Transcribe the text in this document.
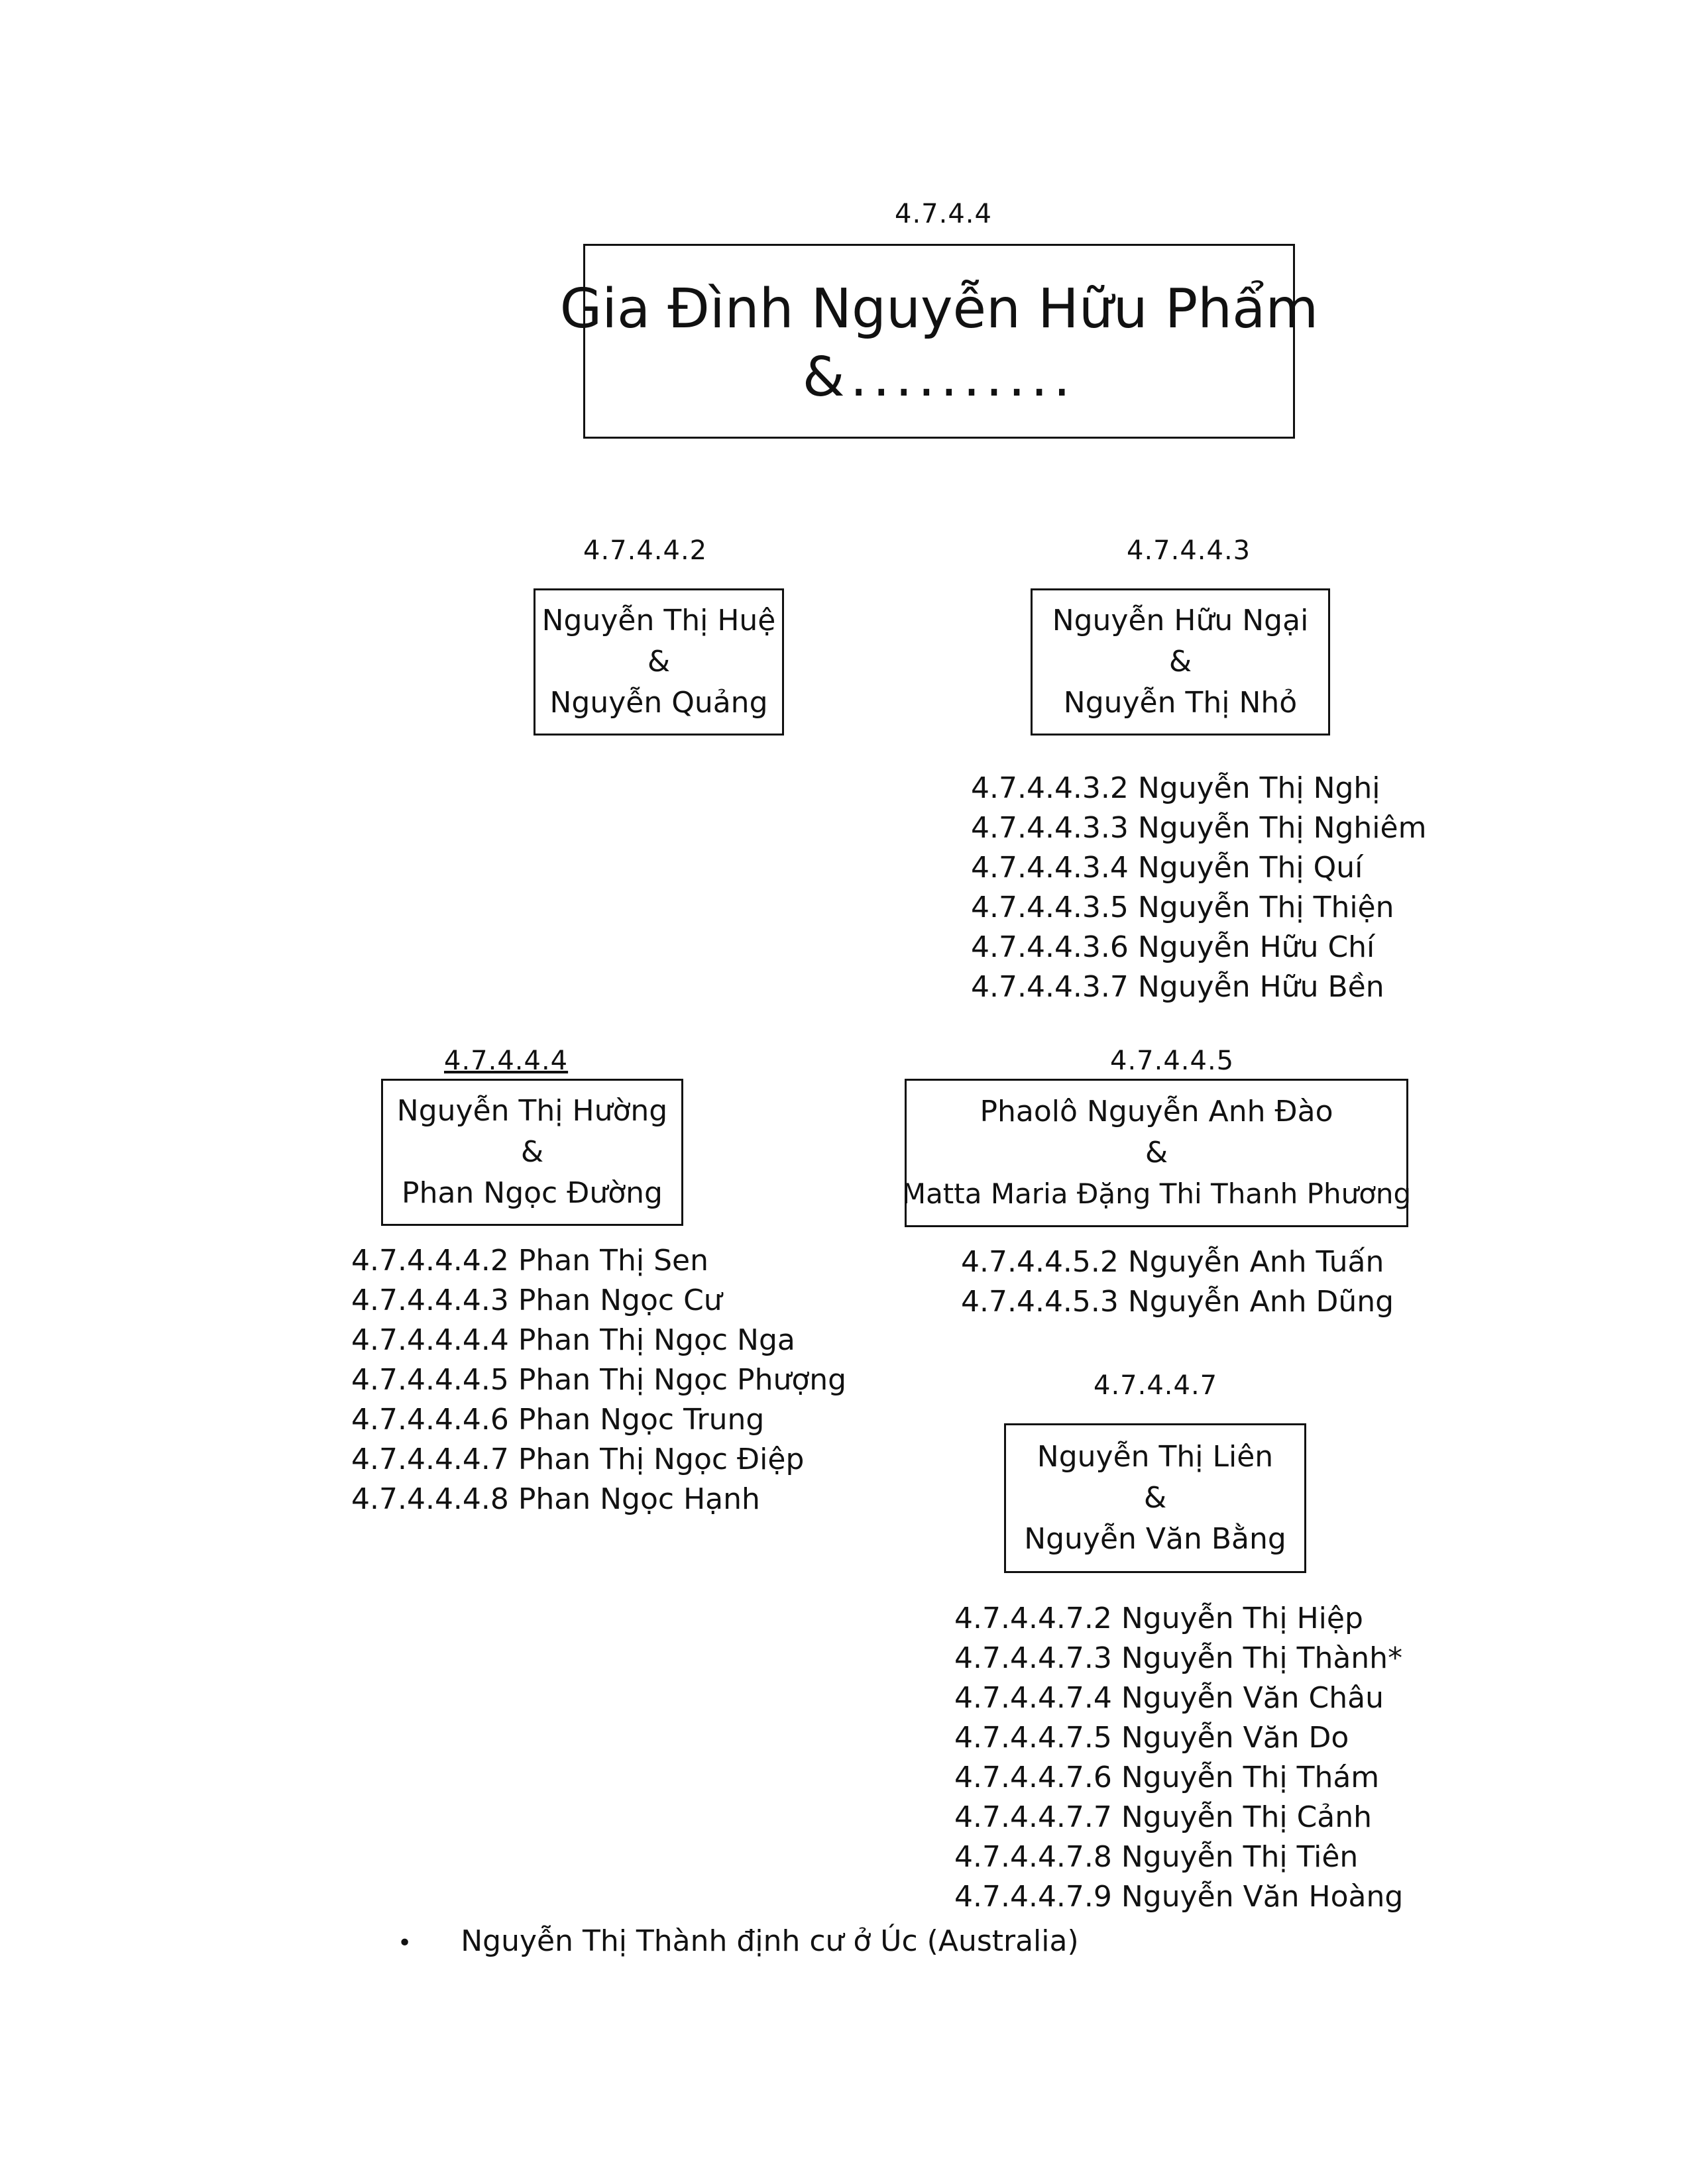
4.7.4.4
Gia Đình Nguyễn Hữu Phẩm
&..........
4.7.4.4.2
Nguyễn Thị Huệ
&
Nguyễn Quảng
4.7.4.4.3
Nguyễn Hữu Ngại
&
Nguyễn Thị Nhỏ
4.7.4.4.3.2 Nguyễn Thị Nghị
4.7.4.4.3.3 Nguyễn Thị Nghiêm
4.7.4.4.3.4 Nguyễn Thị Quí
4.7.4.4.3.5 Nguyễn Thị Thiện
4.7.4.4.3.6 Nguyễn Hữu Chí
4.7.4.4.3.7 Nguyễn Hữu Bền
4.7.4.4.4
Nguyễn Thị Hường
&
Phan Ngọc Đường
4.7.4.4.4.2 Phan Thị Sen
4.7.4.4.4.3 Phan Ngọc Cư
4.7.4.4.4.4 Phan Thị Ngọc Nga
4.7.4.4.4.5 Phan Thị Ngọc Phượng
4.7.4.4.4.6 Phan Ngọc Trung
4.7.4.4.4.7 Phan Thị Ngọc Điệp
4.7.4.4.4.8 Phan Ngọc Hạnh
4.7.4.4.5
Phaolô Nguyễn Anh Đào
&
Matta Maria Đặng Thi Thanh Phương
4.7.4.4.5.2 Nguyễn Anh Tuấn
4.7.4.4.5.3 Nguyễn Anh Dũng
4.7.4.4.7
Nguyễn Thị Liên
&
Nguyễn Văn Bằng
4.7.4.4.7.2 Nguyễn Thị Hiệp
4.7.4.4.7.3 Nguyễn Thị Thành*
4.7.4.4.7.4 Nguyễn Văn Châu
4.7.4.4.7.5 Nguyễn Văn Do
4.7.4.4.7.6 Nguyễn Thị Thám
4.7.4.4.7.7 Nguyễn Thị Cảnh
4.7.4.4.7.8 Nguyễn Thị Tiên
4.7.4.4.7.9 Nguyễn Văn Hoàng
• Nguyễn Thị Thành định cư ở Úc (Australia)
